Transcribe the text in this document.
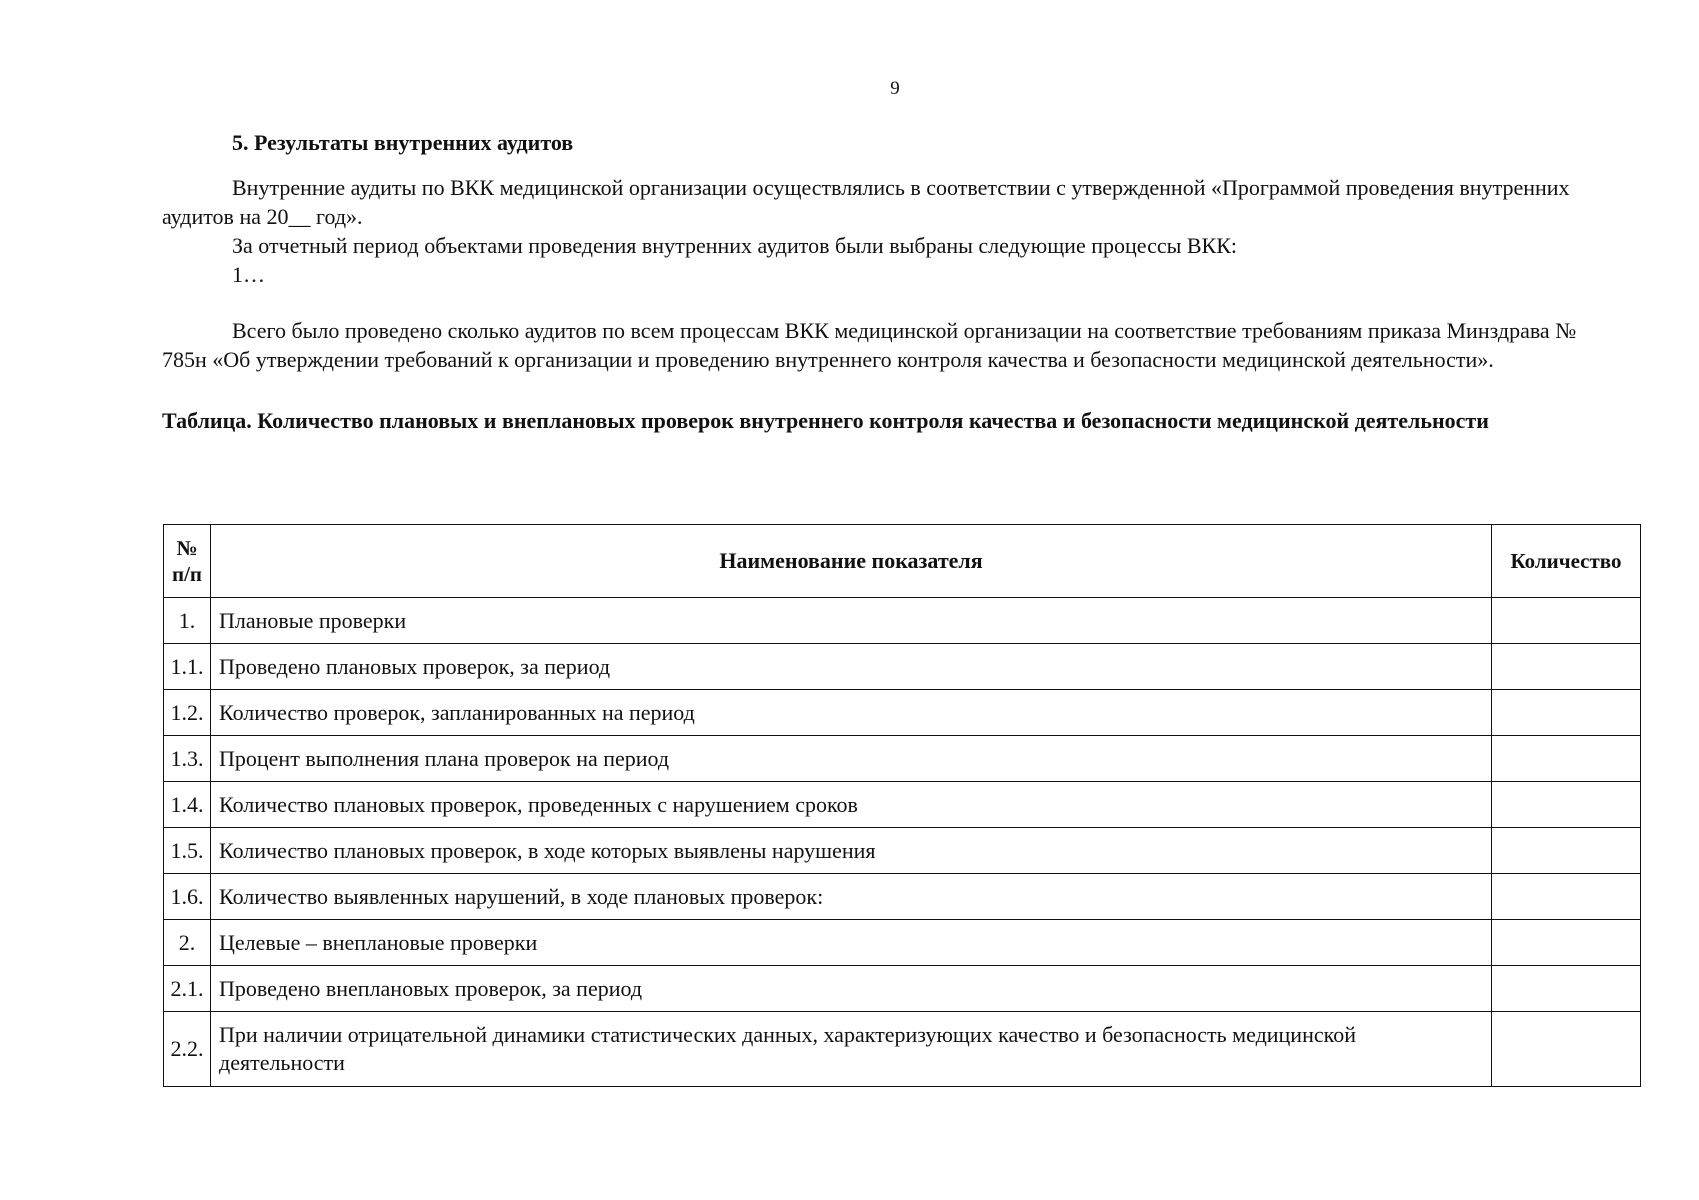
9

5. Результаты внутренних аудитов

Внутренние аудиты по ВКК медицинской организации осуществлялись в соответствии с утвержденной «Программой проведения внутренних аудитов на 20__ год».

За отчетный период объектами проведения внутренних аудитов были выбраны следующие процессы ВКК:

1…

Всего было проведено сколько аудитов по всем процессам ВКК медицинской организации на соответствие требованиям приказа Минздрава № 785н «Об утверждении требований к организации и проведению внутреннего контроля качества и безопасности медицинской деятельности».

Таблица. Количество плановых и внеплановых проверок внутреннего контроля качества и безопасности медицинской деятельности

№ п/п	Наименование показателя	Количество
1.	Плановые проверки	
1.1.	Проведено плановых проверок, за период	
1.2.	Количество проверок, запланированных на период	
1.3.	Процент выполнения плана проверок на период	
1.4.	Количество плановых проверок, проведенных с нарушением сроков	
1.5.	Количество плановых проверок, в ходе которых выявлены нарушения	
1.6.	Количество выявленных нарушений, в ходе плановых проверок:	
2.	Целевые – внеплановые проверки	
2.1.	Проведено внеплановых проверок, за период	
2.2.	При наличии отрицательной динамики статистических данных, характеризующих качество и безопасность медицинской деятельности	
